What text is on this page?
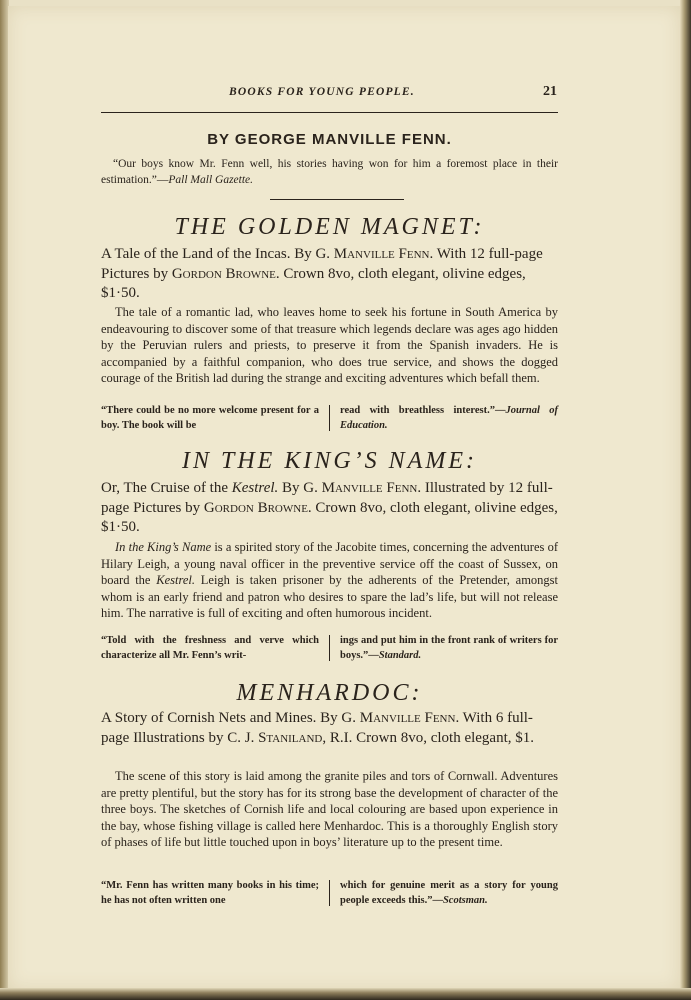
BOOKS FOR YOUNG PEOPLE.	21

BY GEORGE MANVILLE FENN.

“Our boys know Mr. Fenn well, his stories having won for him a foremost place in their estimation.”—Pall Mall Gazette.

THE GOLDEN MAGNET:

A Tale of the Land of the Incas. By G. Manville Fenn. With 12 full-page Pictures by Gordon Browne. Crown 8vo, cloth elegant, olivine edges, $1·50.

The tale of a romantic lad, who leaves home to seek his fortune in South America by endeavouring to discover some of that treasure which legends declare was ages ago hidden by the Peruvian rulers and priests, to preserve it from the Spanish invaders. He is accompanied by a faithful companion, who does true service, and shows the dogged courage of the British lad during the strange and exciting adventures which befall them.

“There could be no more welcome present for a boy. The book will be

read with breathless interest.”—Journal of Education.

IN THE KING’S NAME:

Or, The Cruise of the Kestrel. By G. Manville Fenn. Illustrated by 12 full-page Pictures by Gordon Browne. Crown 8vo, cloth elegant, olivine edges, $1·50.

In the King’s Name is a spirited story of the Jacobite times, concerning the adventures of Hilary Leigh, a young naval officer in the preventive service off the coast of Sussex, on board the Kestrel. Leigh is taken prisoner by the adherents of the Pretender, amongst whom is an early friend and patron who desires to spare the lad’s life, but will not release him. The narrative is full of exciting and often humorous incident.

“Told with the freshness and verve which characterize all Mr. Fenn’s writ-

ings and put him in the front rank of writers for boys.”—Standard.

MENHARDOC:

A Story of Cornish Nets and Mines. By G. Manville Fenn. With 6 full-page Illustrations by C. J. Staniland, R.I. Crown 8vo, cloth elegant, $1.

The scene of this story is laid among the granite piles and tors of Cornwall. Adventures are pretty plentiful, but the story has for its strong base the development of character of the three boys. The sketches of Cornish life and local colouring are based upon experience in the bay, whose fishing village is called here Menhardoc. This is a thoroughly English story of phases of life but little touched upon in boys’ literature up to the present time.

“Mr. Fenn has written many books in his time; he has not often written one

which for genuine merit as a story for young people exceeds this.”—Scotsman.
